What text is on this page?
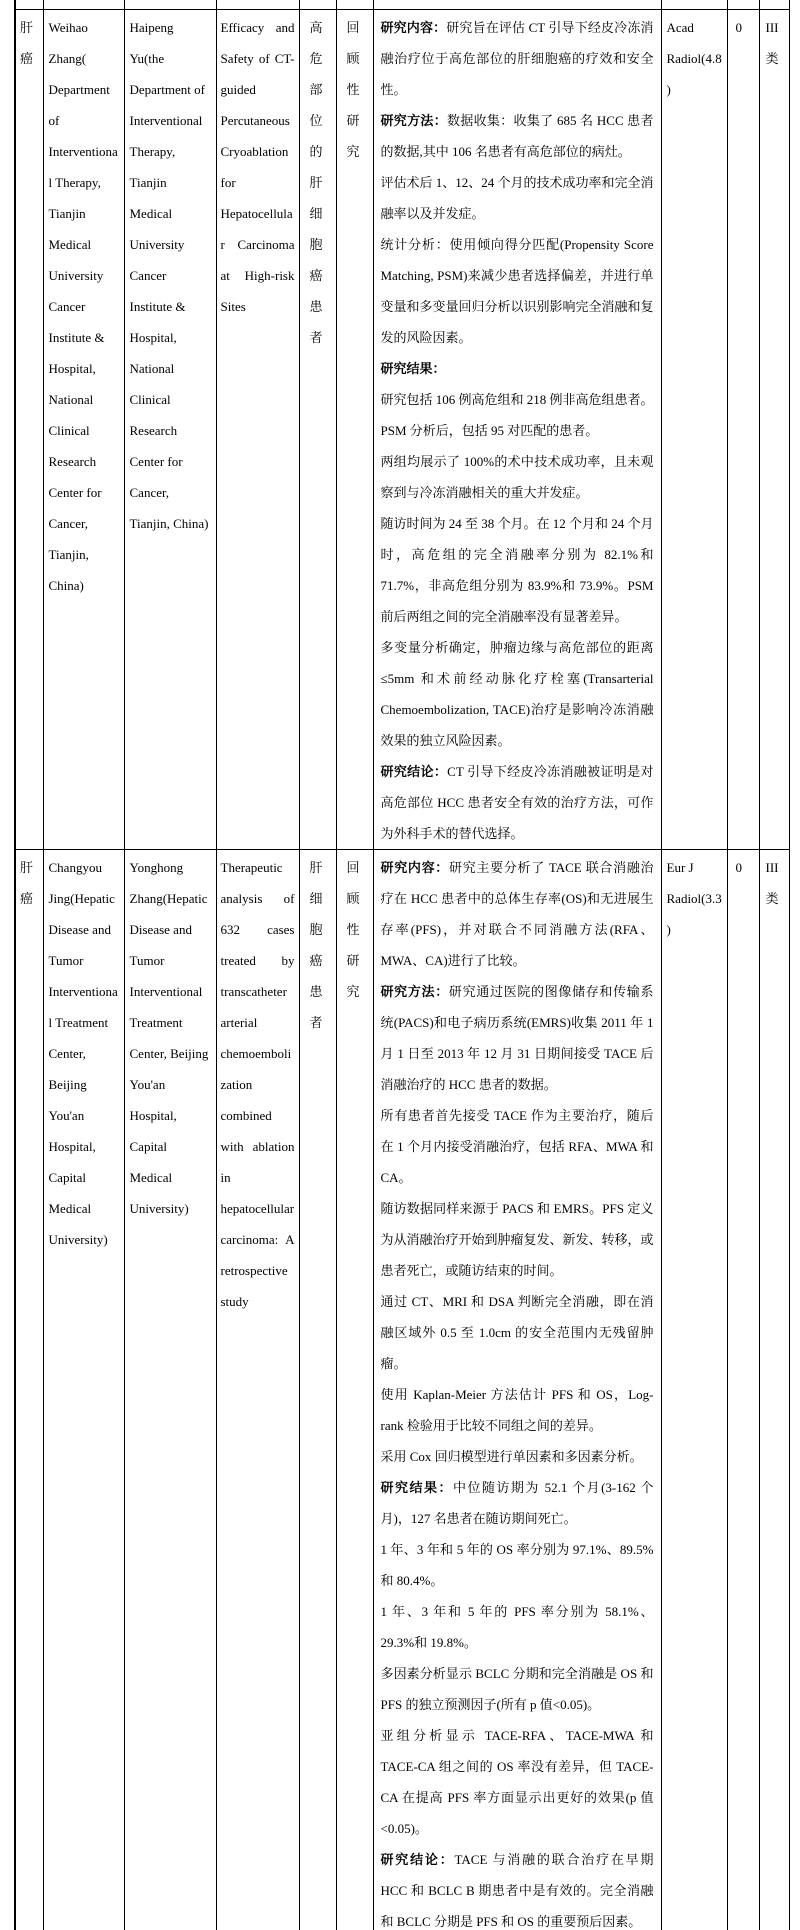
肝癌	Weihao Zhang( Department of Interventional Therapy, Tianjin Medical University Cancer Institute & Hospital, National Clinical Research Center for Cancer, Tianjin, China)	Haipeng Yu(the Department of Interventional Therapy, Tianjin Medical University Cancer Institute & Hospital, National Clinical Research Center for Cancer, Tianjin, China)	Efficacy and Safety of CT-guided Percutaneous Cryoablation for Hepatocellular Carcinoma at High-risk Sites	高危部位的肝细胞癌患者	回顾性研究	

研究内容：研究旨在评估 CT 引导下经皮冷冻消融治疗位于高危部位的肝细胞癌的疗效和安全性。

研究方法：数据收集：收集了 685 名 HCC 患者的数据,其中 106 名患者有高危部位的病灶。

评估术后 1、12、24 个月的技术成功率和完全消融率以及并发症。

统计分析：使用倾向得分匹配(Propensity Score Matching, PSM)来减少患者选择偏差，并进行单变量和多变量回归分析以识别影响完全消融和复发的风险因素。

研究结果：

研究包括 106 例高危组和 218 例非高危组患者。PSM 分析后，包括 95 对匹配的患者。

两组均展示了 100%的术中技术成功率，且未观察到与冷冻消融相关的重大并发症。

随访时间为 24 至 38 个月。在 12 个月和 24 个月时，高危组的完全消融率分别为 82.1%和 71.7%，非高危组分别为 83.9%和 73.9%。PSM 前后两组之间的完全消融率没有显著差异。

多变量分析确定，肿瘤边缘与高危部位的距离≤5mm 和术前经动脉化疗栓塞(Transarterial Chemoembolization, TACE)治疗是影响冷冻消融效果的独立风险因素。

研究结论：CT 引导下经皮冷冻消融被证明是对高危部位 HCC 患者安全有效的治疗方法，可作为外科手术的替代选择。

	Acad Radiol(4.8)	0	III 类
肝癌	Changyou Jing(Hepatic Disease and Tumor Interventional Treatment Center, Beijing You'an Hospital, Capital Medical University)	Yonghong Zhang(Hepatic Disease and Tumor Interventional Treatment Center, Beijing You'an Hospital, Capital Medical University)	Therapeutic analysis of 632 cases treated by transcatheter arterial chemoembolization combined with ablation in hepatocellular carcinoma: A retrospective study	肝细胞癌患者	回顾性研究	

研究内容：研究主要分析了 TACE 联合消融治疗在 HCC 患者中的总体生存率(OS)和无进展生存率(PFS)，并对联合不同消融方法(RFA、MWA、CA)进行了比较。

研究方法：研究通过医院的图像储存和传输系统(PACS)和电子病历系统(EMRS)收集 2011 年 1 月 1 日至 2013 年 12 月 31 日期间接受 TACE 后消融治疗的 HCC 患者的数据。

所有患者首先接受 TACE 作为主要治疗，随后在 1 个月内接受消融治疗，包括 RFA、MWA 和 CA。

随访数据同样来源于 PACS 和 EMRS。PFS 定义为从消融治疗开始到肿瘤复发、新发、转移，或患者死亡，或随访结束的时间。

通过 CT、MRI 和 DSA 判断完全消融，即在消融区域外 0.5 至 1.0cm 的安全范围内无残留肿瘤。

使用 Kaplan-Meier 方法估计 PFS 和 OS，Log-rank 检验用于比较不同组之间的差异。

采用 Cox 回归模型进行单因素和多因素分析。

研究结果：中位随访期为 52.1 个月(3-162 个月)，127 名患者在随访期间死亡。

1 年、3 年和 5 年的 OS 率分别为 97.1%、89.5%和 80.4%。

1 年、3 年和 5 年的 PFS 率分别为 58.1%、29.3%和 19.8%。

多因素分析显示 BCLC 分期和完全消融是 OS 和 PFS 的独立预测因子(所有 p 值<0.05)。

亚组分析显示 TACE-RFA、TACE-MWA 和 TACE-CA 组之间的 OS 率没有差异，但 TACE-CA 在提高 PFS 率方面显示出更好的效果(p 值<0.05)。

研究结论：TACE 与消融的联合治疗在早期 HCC 和 BCLC B 期患者中是有效的。完全消融和 BCLC 分期是 PFS 和 OS 的重要预后因素。

	Eur J Radiol(3.3)	0	III 类
